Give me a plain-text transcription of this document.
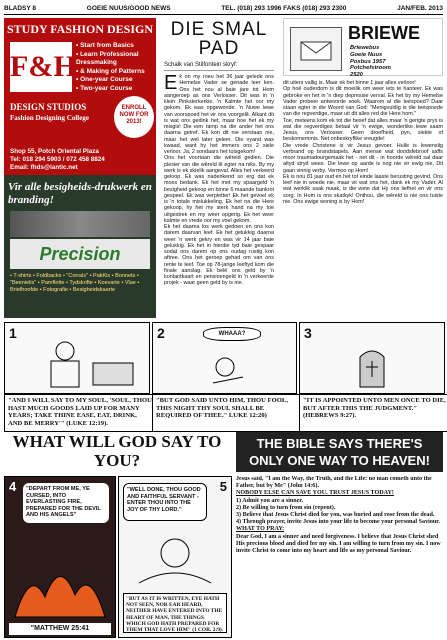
BLADSY 8	GOEIE NUUS/GOOD NEWS	TEL. (018) 293 1996 FAKS (018) 293 2300	JAN/FEB. 2013
STUDY FASHION DESIGN
F&H
• Start from Basics
• Learn Professional Dressmaking
• & Making of Patterns
• One-year Course
• Two-year Course
DESIGN STUDIOS
Fashion Designing College
ENROLL NOW FOR 2013!
Shop 55, Potch Oriental Plaza
Tel: 018 294 5903 / 072 458 8824
Email: fhds@lantic.net
Vir alle besigheids-drukwerk en branding!
Precision
• T-shirts • Foldbacks • "Corrals" • PakKis • Bonnets • "Beenielis" • Pamflette • Tydskrifte • Koevarte • Vlae • Briefhoofde • Fotografie • Besigheidskaarte
DIE SMAL PAD
Schalk van Stilfontein skryf:
E k on my roeu het 36 jaar gelede ons Hemelse Vader se genade leer ken. Ons het nou al baie jare tot Hom aangeroep as ons Verlosser. Dit was in 'n klein Pinksterkerkie. 'n Kalmte het oor my gekom. Ek was opgewonde. 'n Nuwe lewe van voorspoed het vir ons voorgelê. Alkant dit is wat ons gedink het, maar hoe het ek my misgis! Die een ramp na die ander het ons daarna getref. Ek kon dit nie verstaan nie, maar het wel later geleer. Die vyand was kwaad, want hy het immers ons 2 siele verloor. Ja, 2 sondaars het tuisgekom!

Ons het voortaan die wêreld gedien. Die plesier van die wêreld lê egter na niks. By my werk is ek skielik aangeval. Alles het verkeerd geloop. Ek was nadenkend so erg dat ek moes bedank. Ek het met my spaargeld 'n besigheid gekoop en binne 6 maande bankrot gespeel. Ek was verpletter! Ek het gevoel ek is 'n totale mislukkeling. Ek het na die Here gekoop, hy het my sterk hand na my toe uitgestrek en my weer opgerig. Ek het weer kalmte en vrede oor my voel gekom.

Ek het daarna los werk gedoen en ons kon darem daarvan leef. Ek het gelukkig daarna weer 'n werk gekry en was vir 14 jaar baie gelukkig. Ek het in hierdie tyd baie gespaar sodat ons darem op ons oudag rustig kon aftree. Ons het geroep gehad om van ons rente te leef. Toe op 78-jarige leeftyd kom die finale aanslag. Ek belê ons geld by 'n kontantkaart en pensioengeld in 'n verkeerde projek - waar geen geld by is nie.

BRIEWE
Briewebus
Goeie Nuus
Posbus 1957
Potchefstroom
2520

dit uiters vallig is. Maar ek het binne 1 jaar alles verloor!

Op hoë ouderdom is dit moeilik om weer iets te hanteer. Ek was gebroke en het in 'n diep depressie verval. Ek het by my Hemelse Vader probeer antwoorde soek. Waarom al die teëspoed? Daar staan egter in die Woord van God: "Menigvuldig is die teëspoede van die regverdige, maar uit dit alles red die Here hom."

Toe, meteens kom ek tot die besef dat alles maar 'n gerigte prys is wat die regverdiges betaal vir 'n ewige, wonderlike lewe saam Jesus, ons Verlosser. Geen droefheid, pyn, siekte of beskomemmis. Net onbeskryflike vreugde!

Die vrede Christene is vir Jesus gevoer. Hulle is lewenslig verbrand op brandstapels. Aan mense wat doodsfebroof saffs moor traumadourgemaak het - net dit - in hoorde wêreld sal daar altyd stryd wees. Die lewe op aarde is nog nie vir ewig nie. Dit gaan vinnig verby. Vermoo op Hom!

Ek is nou 81 jaar oud en het tot einde laaste berusting gevind. Ons leef nie in woede nie, maar vir wat ons het, dank ek my Vader. Al wat werklik saak maak, is die wete dat Hy ons liefhet en vir ons sorg. In Hom is ons skatkyk! Onthou, die wêreld is nie ons tuiste nie. Ons ewige woning is by Hom!

1
"AND I WILL SAY TO MY SOUL, 'SOUL, THOU HAST MUCH GOODS LAID UP FOR MANY YEARS; TAKE THINE EASE, EAT, DRINK, AND BE MERRY'" (LUKE 12:19).
2	WHAAA?
"BUT GOD SAID UNTO HIM, THOU FOOL, THIS NIGHT THY SOUL SHALL BE REQUIRED OF THEE." LUKE 12:20)
3
"IT IS APPOINTED UNTO MEN ONCE TO DIE, BUT AFTER THIS THE JUDGMENT." (HEBREWS 9:27).
WHAT WILL GOD SAY TO YOU?
4	"DEPART FROM ME, YE CURSED, INTO EVERLASTING FIRE, PREPARED FOR THE DEVIL AND HIS ANGELS"
"MATTHEW 25:41
5
"WELL DONE, THOU GOOD AND FAITHFUL SERVANT - ENTER THOU INTO THE JOY OF THY LORD."
"BUT AS IT IS WRITTEN, EYE HATH NOT SEEN, NOR EAR HEARD, NEITHER HAVE ENTERED INTO THE HEART OF MAN, THE THINGS WHICH GOD HATH PREPARED FOR THEM THAT LOVE HIM" (1 COR. 2:9).
THE BIBLE SAYS THERE'S
ONLY ONE WAY TO HEAVEN!

Jesus said, "I am the Way, the Truth, and the Life: no man cometh unto the Father, but by Me" (John 14:6).

NOBODY ELSE CAN SAVE YOU. TRUST JESUS TODAY!

1) Admit you are a sinner.

2) Be willing to turn from sin (repent).

3) Believe that Jesus Christ died for you, was buried and rose from the dead.

4) Through prayer, invite Jesus into your life to become your personal Saviour.

WHAT TO PRAY:

Dear God, I am a sinner and need forgiveness. I believe that Jesus Christ shed His precious blood and died for my sin. I am willing to turn from my sin. I now invite Christ to come into my heart and life as my personal Saviour.
